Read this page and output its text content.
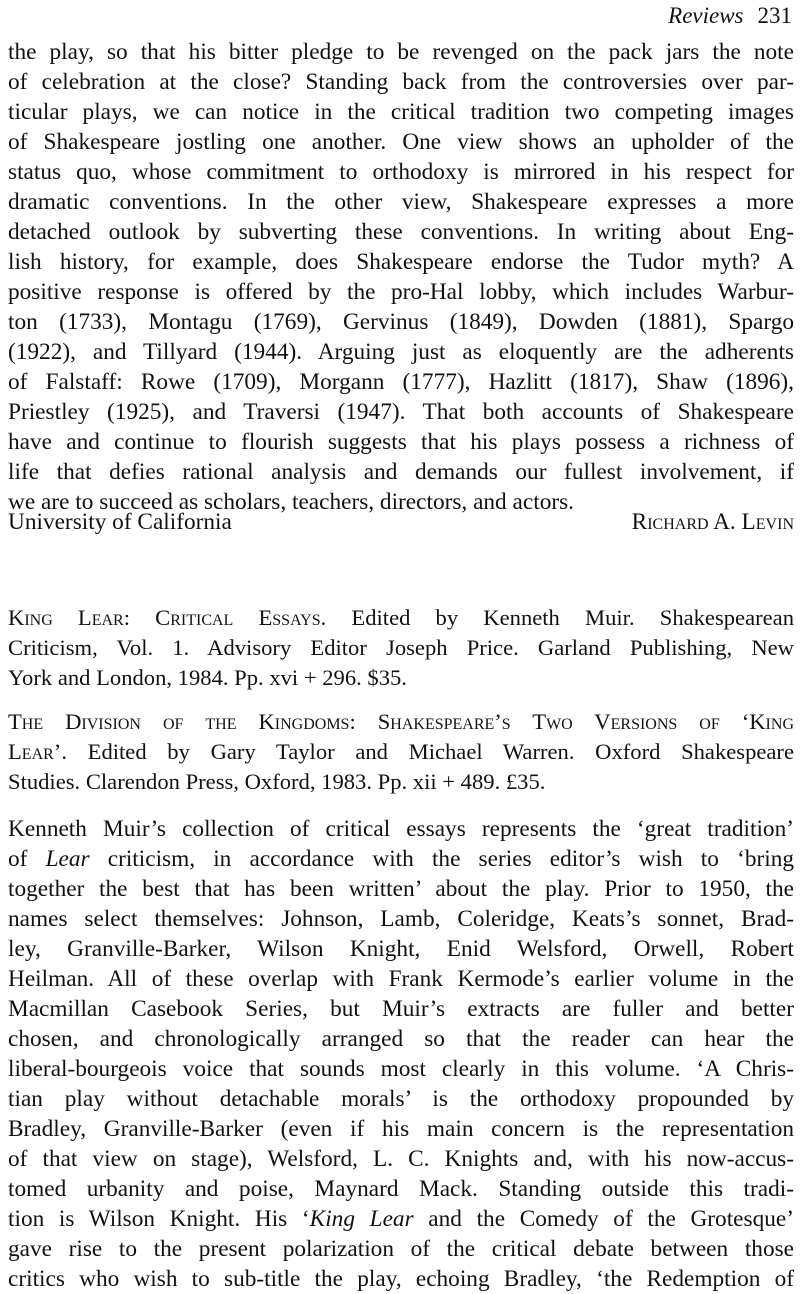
Reviews 231
the play, so that his bitter pledge to be revenged on the pack jars the note
of celebration at the close? Standing back from the controversies over par-
ticular plays, we can notice in the critical tradition two competing images
of Shakespeare jostling one another. One view shows an upholder of the
status quo, whose commitment to orthodoxy is mirrored in his respect for
dramatic conventions. In the other view, Shakespeare expresses a more
detached outlook by subverting these conventions. In writing about Eng-
lish history, for example, does Shakespeare endorse the Tudor myth? A
positive response is offered by the pro-Hal lobby, which includes Warbur-
ton (1733), Montagu (1769), Gervinus (1849), Dowden (1881), Spargo
(1922), and Tillyard (1944). Arguing just as eloquently are the adherents
of Falstaff: Rowe (1709), Morgann (1777), Hazlitt (1817), Shaw (1896),
Priestley (1925), and Traversi (1947). That both accounts of Shakespeare
have and continue to flourish suggests that his plays possess a richness of
life that defies rational analysis and demands our fullest involvement, if
we are to succeed as scholars, teachers, directors, and actors.
University of California	Richard A. Levin
King Lear: Critical Essays. Edited by Kenneth Muir. Shakespearean
Criticism, Vol. 1. Advisory Editor Joseph Price. Garland Publishing, New
York and London, 1984. Pp. xvi + 296. $35.
The Division of the Kingdoms: Shakespeare’s Two Versions of ‘King
Lear’. Edited by Gary Taylor and Michael Warren. Oxford Shakespeare
Studies. Clarendon Press, Oxford, 1983. Pp. xii + 489. £35.
Kenneth Muir’s collection of critical essays represents the ‘great tradition’
of Lear criticism, in accordance with the series editor’s wish to ‘bring
together the best that has been written’ about the play. Prior to 1950, the
names select themselves: Johnson, Lamb, Coleridge, Keats’s sonnet, Brad-
ley, Granville-Barker, Wilson Knight, Enid Welsford, Orwell, Robert
Heilman. All of these overlap with Frank Kermode’s earlier volume in the
Macmillan Casebook Series, but Muir’s extracts are fuller and better
chosen, and chronologically arranged so that the reader can hear the
liberal-bourgeois voice that sounds most clearly in this volume. ‘A Chris-
tian play without detachable morals’ is the orthodoxy propounded by
Bradley, Granville-Barker (even if his main concern is the representation
of that view on stage), Welsford, L. C. Knights and, with his now-accus-
tomed urbanity and poise, Maynard Mack. Standing outside this tradi-
tion is Wilson Knight. His ‘King Lear and the Comedy of the Grotesque’
gave rise to the present polarization of the critical debate between those
critics who wish to sub-title the play, echoing Bradley, ‘the Redemption of
